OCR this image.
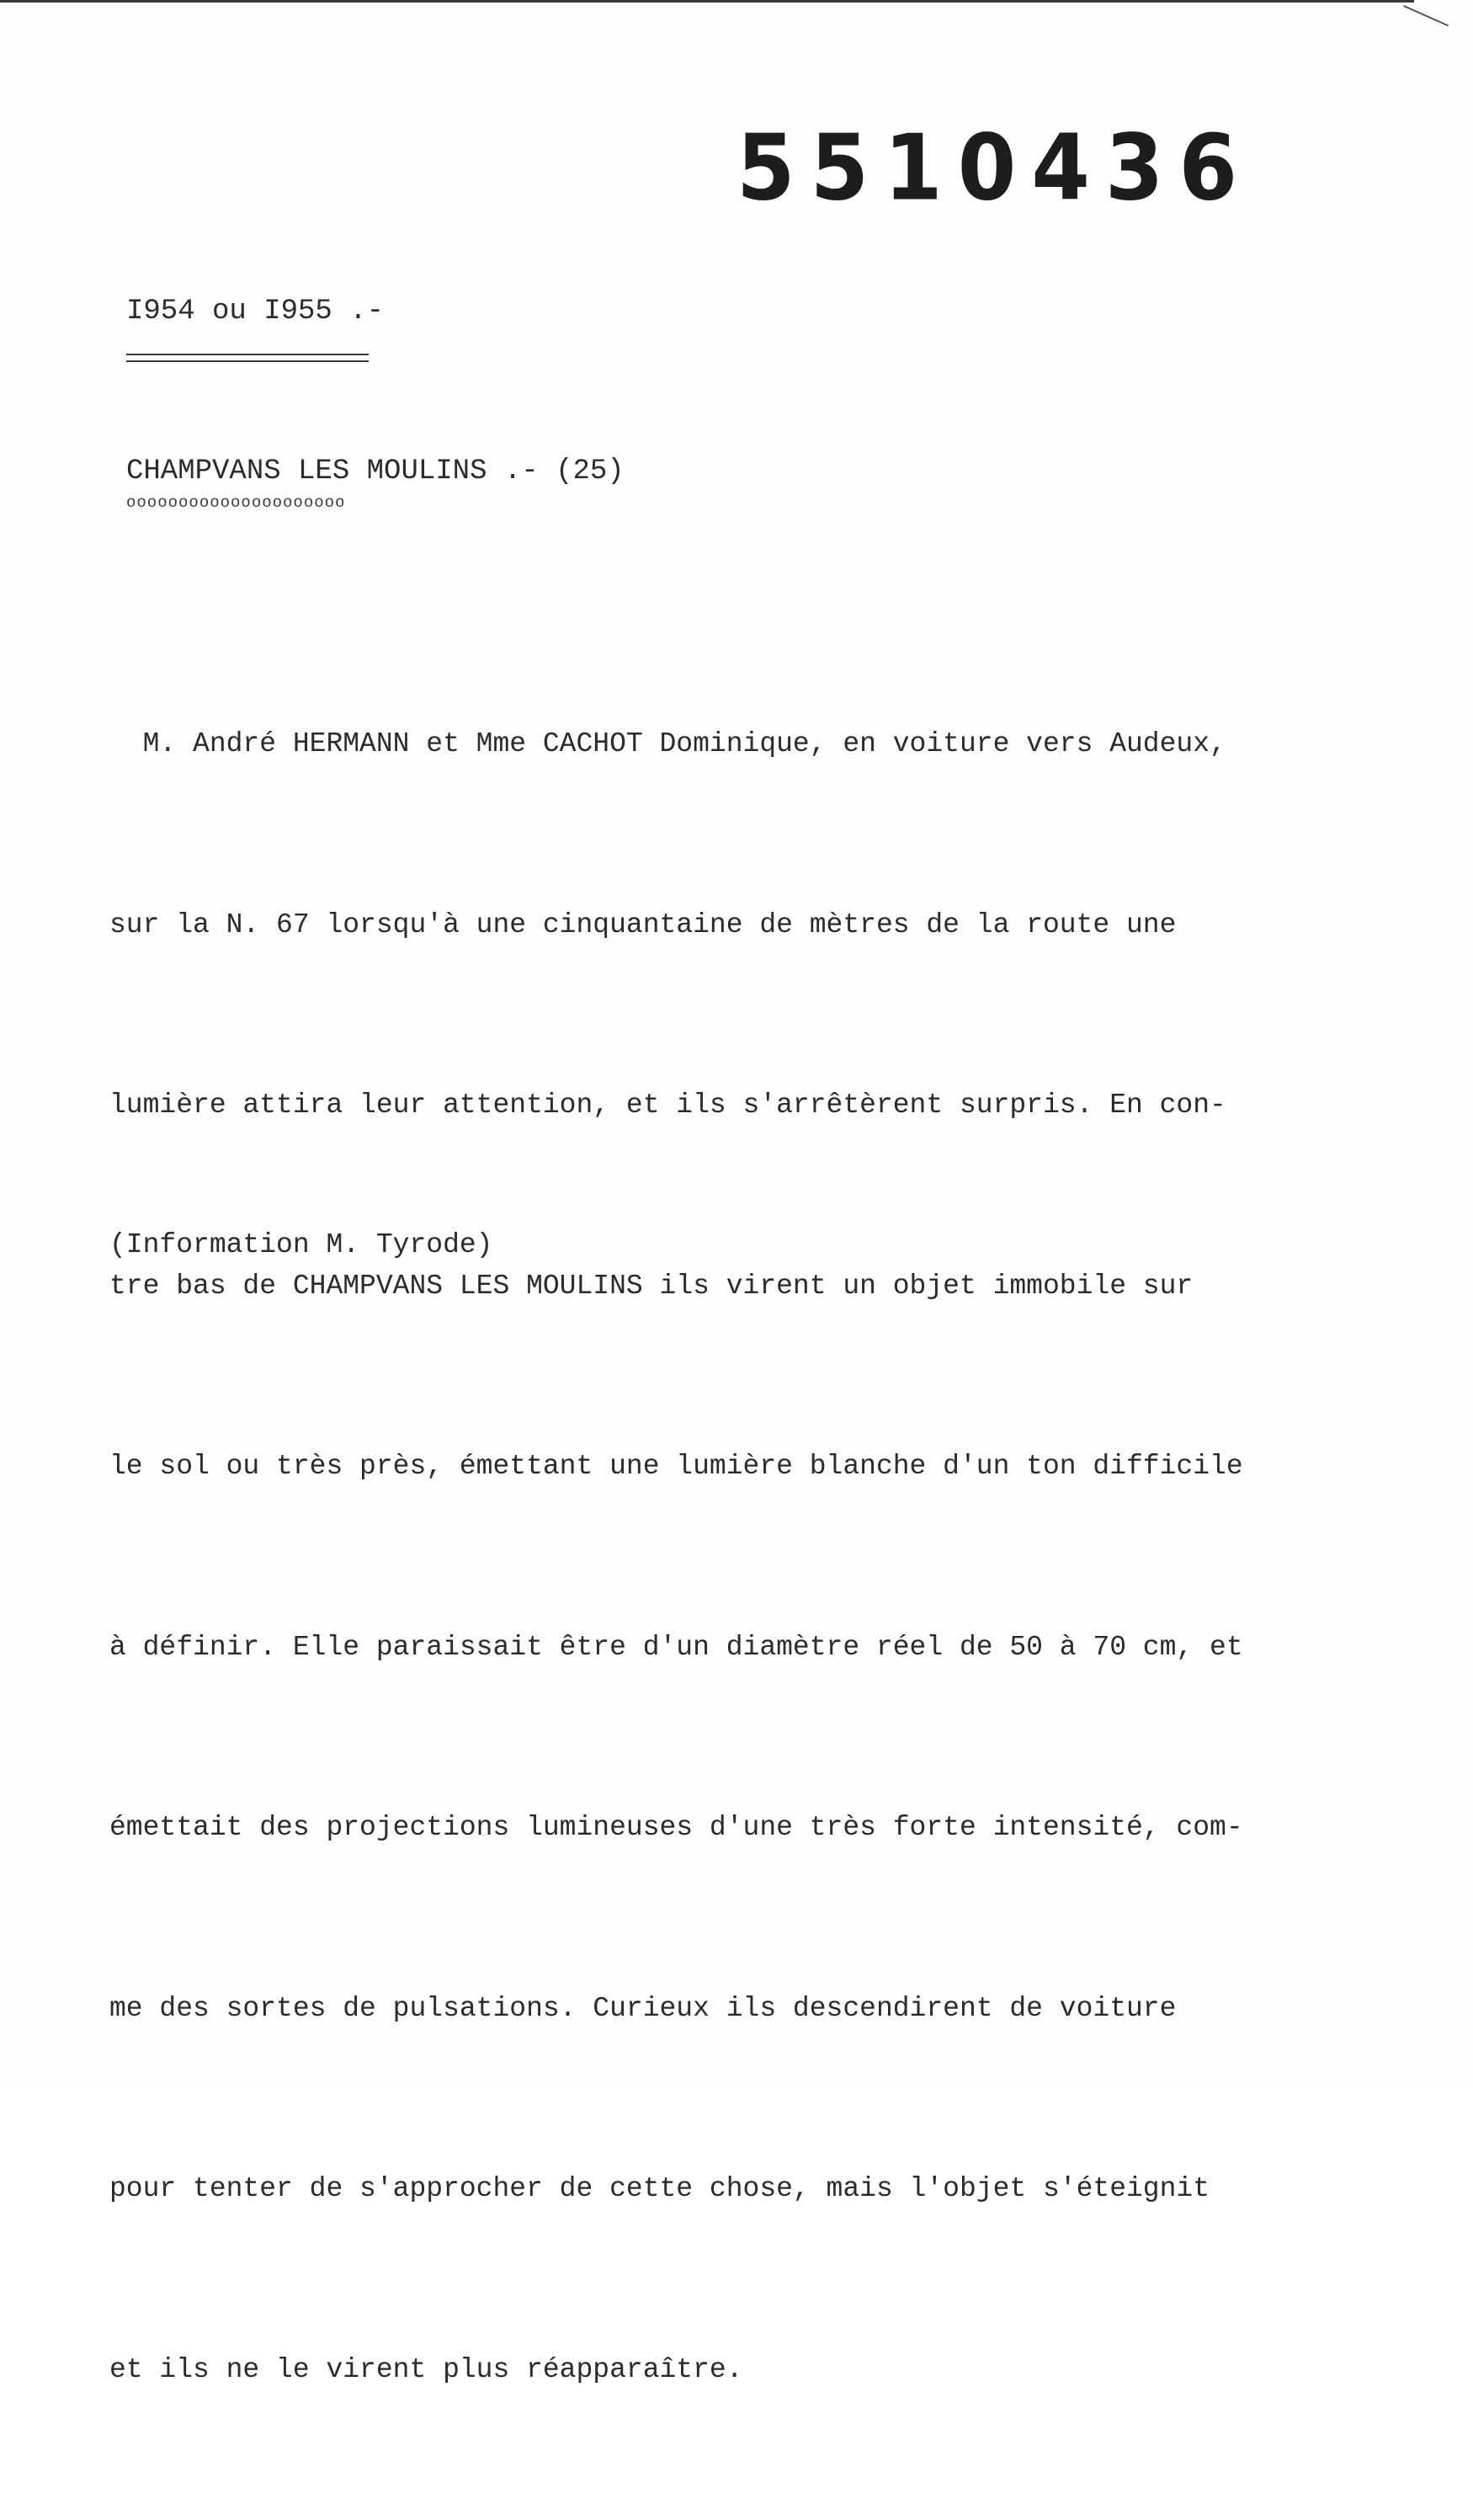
5510436
I954 ou I955 .-
CHAMPVANS LES MOULINS .- (25)
ooooooooooooooooooooo

M. André HERMANN et Mme CACHOT Dominique, en voiture vers Audeux,

sur la N. 67 lorsqu'à une cinquantaine de mètres de la route une

lumière attira leur attention, et ils s'arrêtèrent surpris. En con-

tre bas de CHAMPVANS LES MOULINS ils virent un objet immobile sur

le sol ou très près, émettant une lumière blanche d'un ton difficile

à définir. Elle paraissait être d'un diamètre réel de 50 à 70 cm, et

émettait des projections lumineuses d'une très forte intensité, com-

me des sortes de pulsations. Curieux ils descendirent de voiture

pour tenter de s'approcher de cette chose, mais l'objet s'éteignit

et ils ne le virent plus réapparaître.

(Information M. Tyrode)
